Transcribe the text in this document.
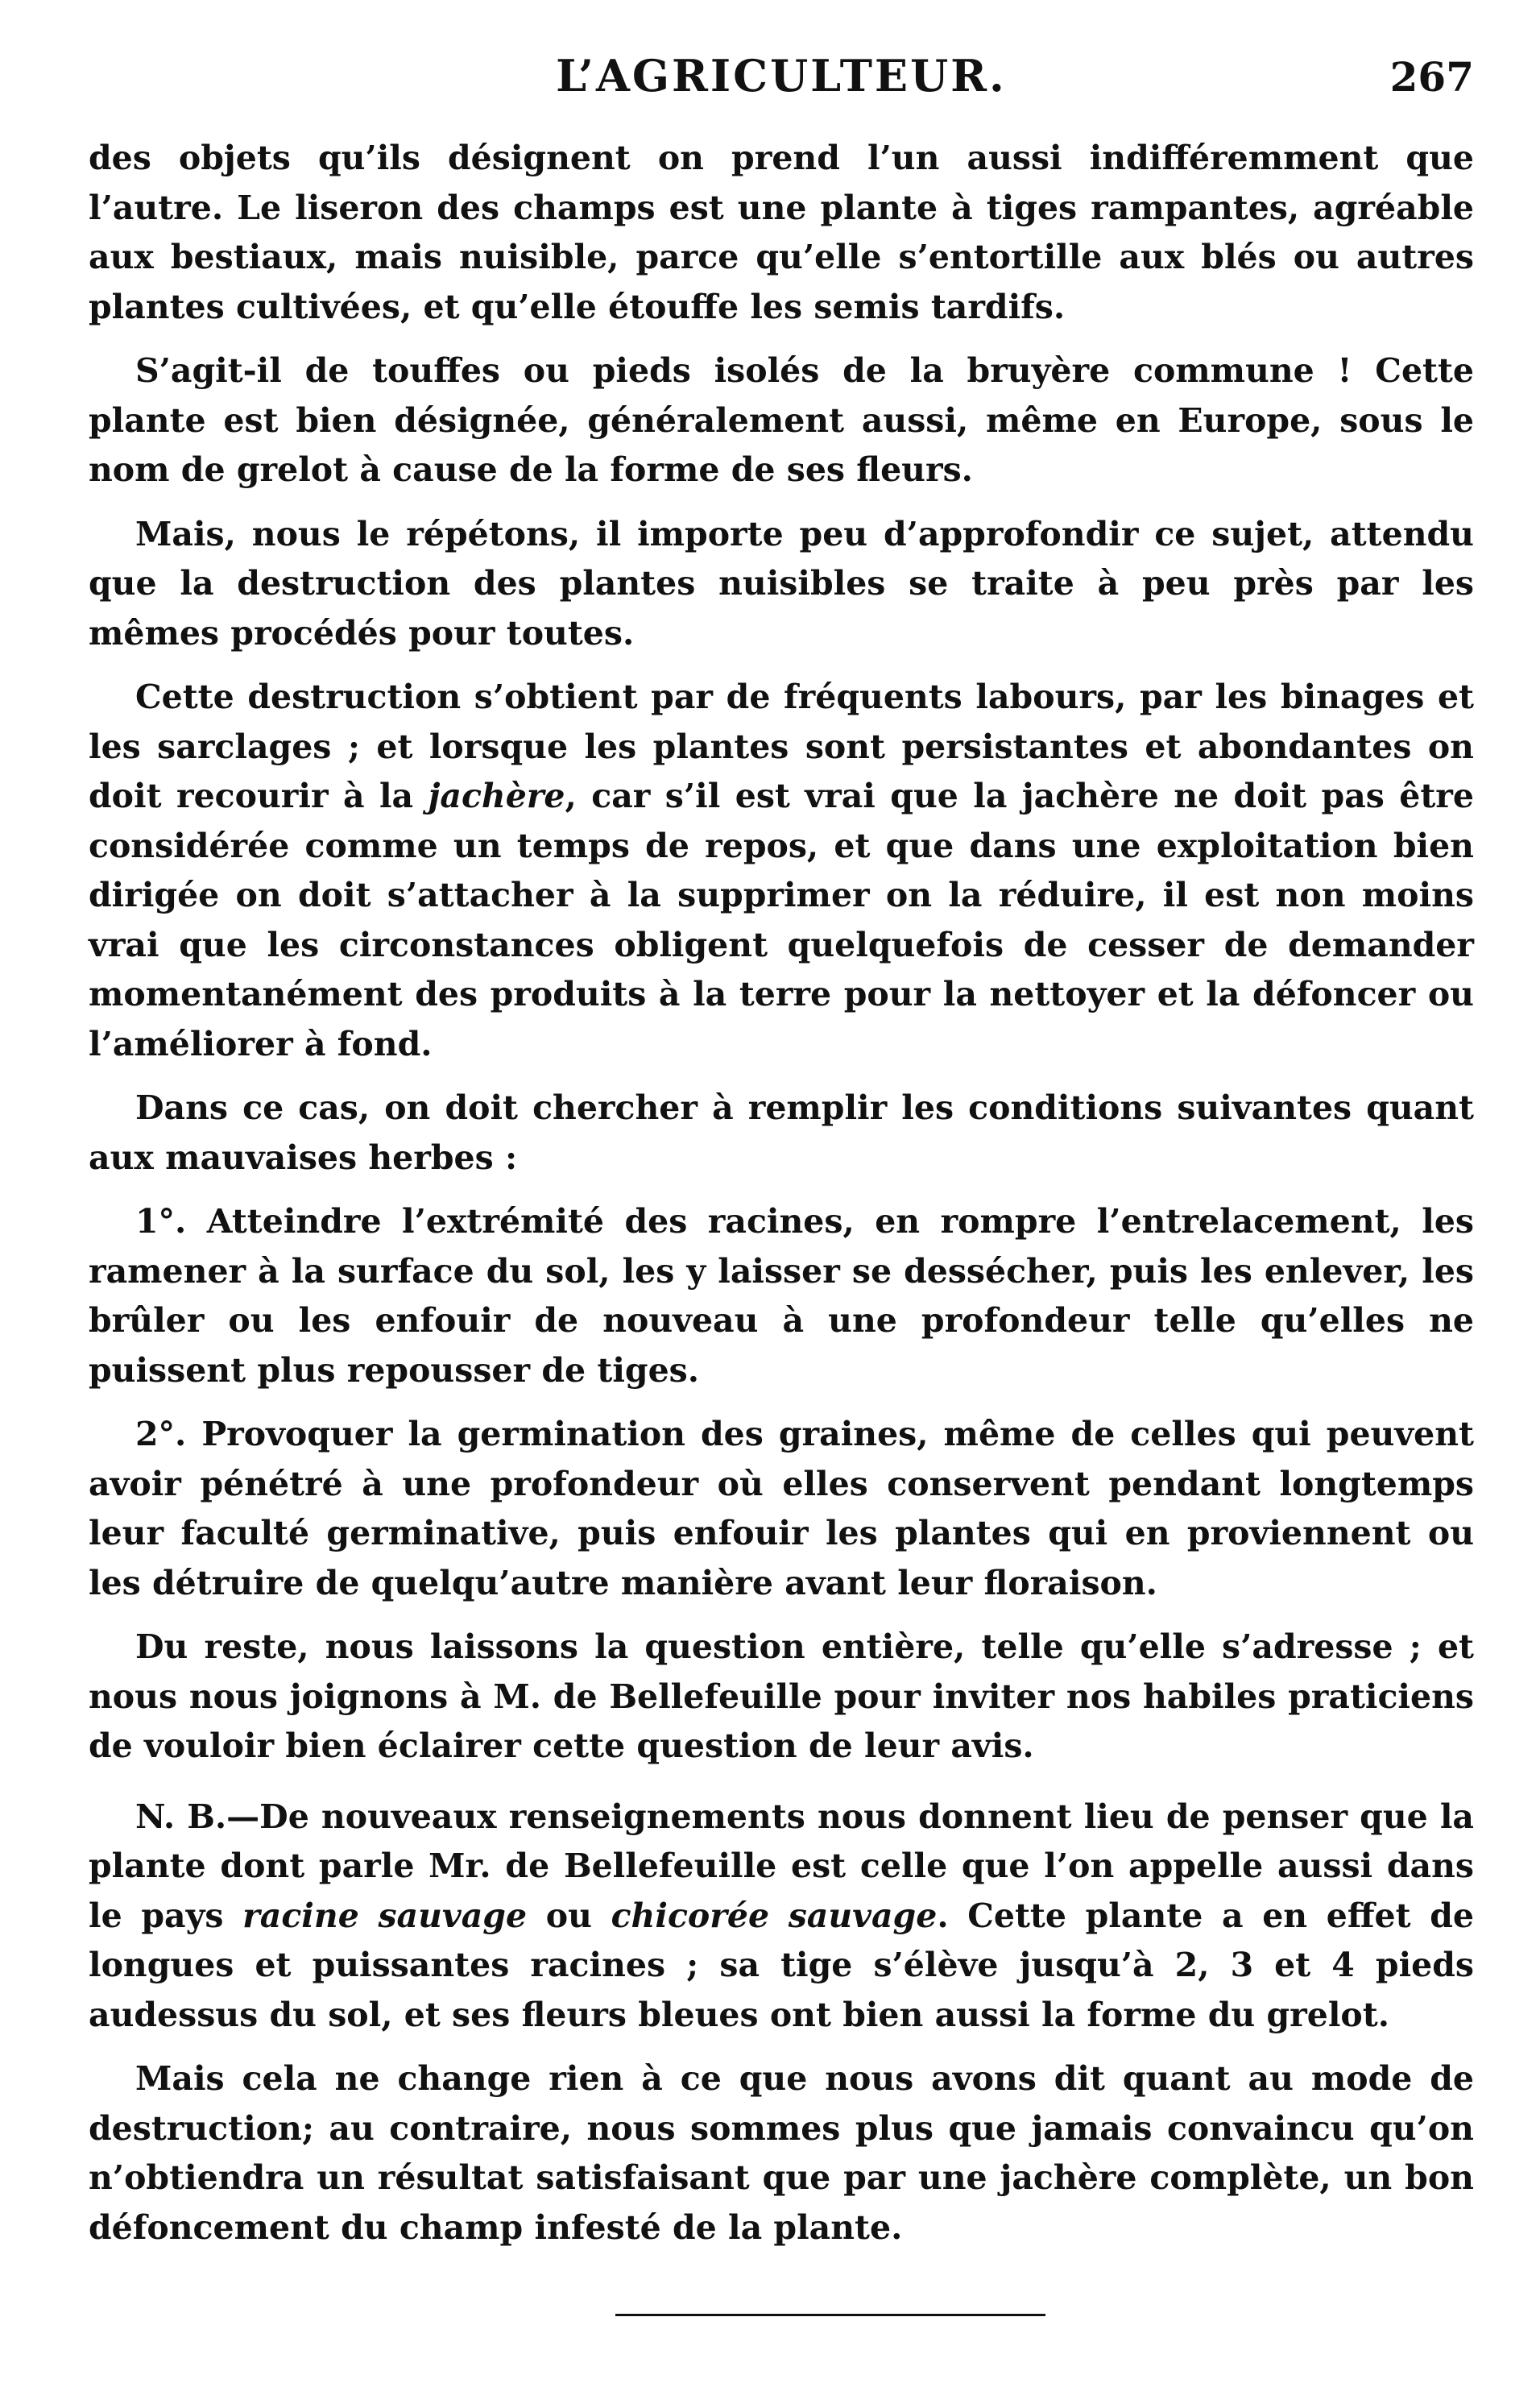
L’AGRICULTEUR.	267

des objets qu’ils désignent on prend l’un aussi indifféremment que l’autre. Le liseron des champs est une plante à tiges rampantes, agréable aux bestiaux, mais nuisible, parce qu’elle s’entortille aux blés ou autres plantes cultivées, et qu’elle étouffe les semis tardifs.

S’agit-il de touffes ou pieds isolés de la bruyère commune ! Cette plante est bien désignée, généralement aussi, même en Europe, sous le nom de grelot à cause de la forme de ses fleurs.

Mais, nous le répétons, il importe peu d’approfondir ce sujet, attendu que la destruction des plantes nuisibles se traite à peu près par les mêmes procédés pour toutes.

Cette destruction s’obtient par de fréquents labours, par les binages et les sarclages ; et lorsque les plantes sont persistantes et abondantes on doit recourir à la jachère, car s’il est vrai que la jachère ne doit pas être considérée comme un temps de repos, et que dans une exploitation bien dirigée on doit s’attacher à la supprimer on la réduire, il est non moins vrai que les circonstances obligent quelquefois de cesser de demander momentanément des produits à la terre pour la nettoyer et la défoncer ou l’améliorer à fond.

Dans ce cas, on doit chercher à remplir les conditions suivantes quant aux mauvaises herbes :

1°. Atteindre l’extrémité des racines, en rompre l’entrelacement, les ramener à la surface du sol, les y laisser se dessécher, puis les enlever, les brûler ou les enfouir de nouveau à une profondeur telle qu’elles ne puissent plus repousser de tiges.

2°. Provoquer la germination des graines, même de celles qui peuvent avoir pénétré à une profondeur où elles conservent pendant longtemps leur faculté germinative, puis enfouir les plantes qui en proviennent ou les détruire de quelqu’autre manière avant leur floraison.

Du reste, nous laissons la question entière, telle qu’elle s’adresse ; et nous nous joignons à M. de Bellefeuille pour inviter nos habiles praticiens de vouloir bien éclairer cette question de leur avis.

N. B.—De nouveaux renseignements nous donnent lieu de penser que la plante dont parle Mr. de Bellefeuille est celle que l’on appelle aussi dans le pays racine sauvage ou chicorée sauvage. Cette plante a en effet de longues et puissantes racines ; sa tige s’élève jusqu’à 2, 3 et 4 pieds audessus du sol, et ses fleurs bleues ont bien aussi la forme du grelot.

Mais cela ne change rien à ce que nous avons dit quant au mode de destruction; au contraire, nous sommes plus que jamais convaincu qu’on n’obtiendra un résultat satisfaisant que par une jachère complète, un bon défoncement du champ infesté de la plante.
